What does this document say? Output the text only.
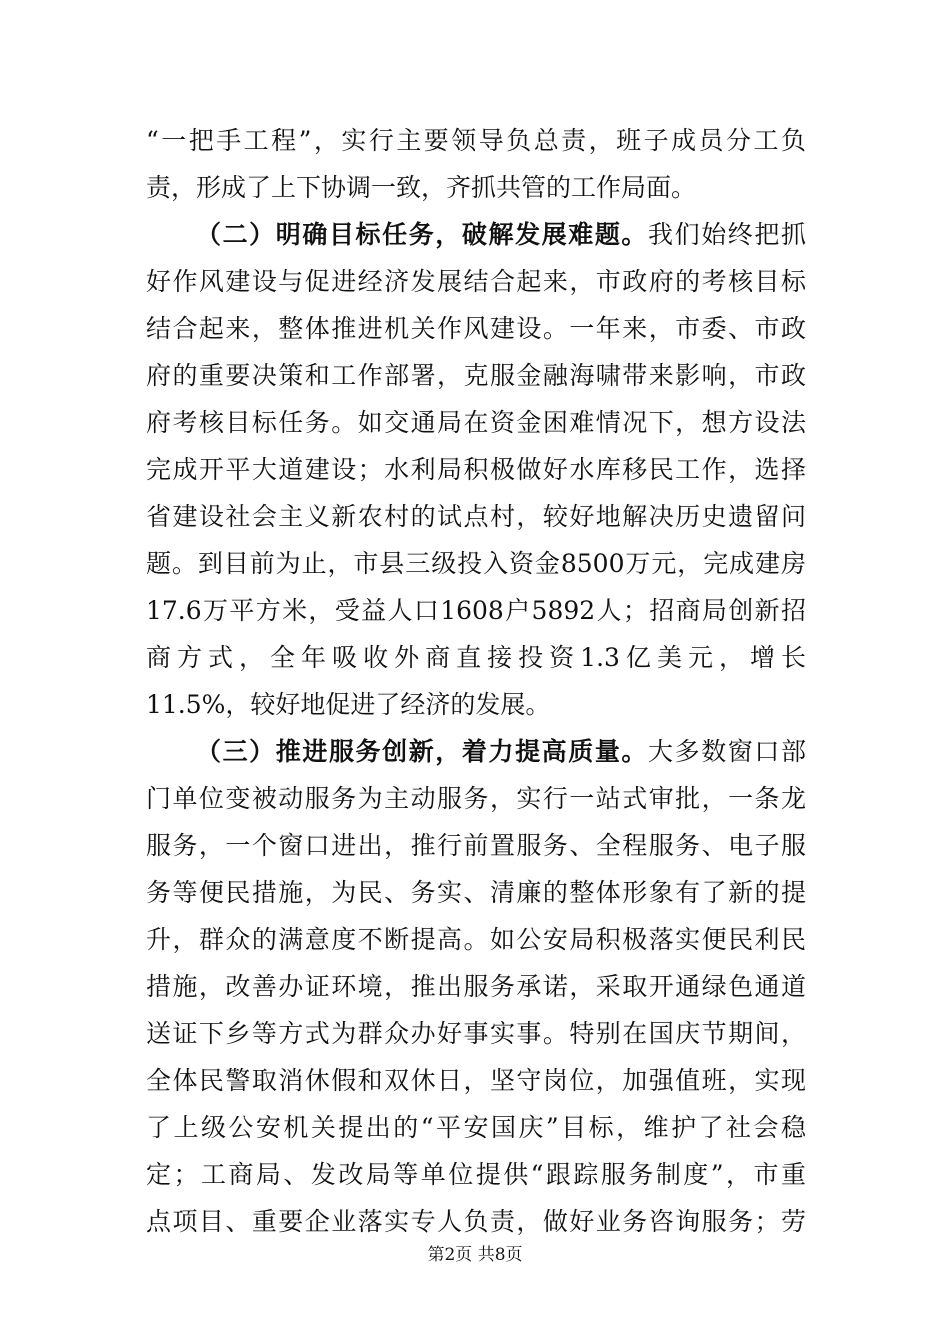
“一把手工程”，实行主要领导负总责，班子成员分工负
责，形成了上下协调一致，齐抓共管的工作局面。
（二）明确目标任务，破解发展难题。我们始终把抓
好作风建设与促进经济发展结合起来，市政府的考核目标
结合起来，整体推进机关作风建设。一年来，市委、市政
府的重要决策和工作部署，克服金融海啸带来影响，市政
府考核目标任务。如交通局在资金困难情况下，想方设法
完成开平大道建设；水利局积极做好水库移民工作，选择
省建设社会主义新农村的试点村，较好地解决历史遗留问
题。到目前为止，市县三级投入资金8500万元，完成建房
17.6万平方米，受益人口1608户5892人；招商局创新招
商方式，全年吸收外商直接投资1.3亿美元，增长
11.5%，较好地促进了经济的发展。
（三）推进服务创新，着力提高质量。大多数窗口部
门单位变被动服务为主动服务，实行一站式审批，一条龙
服务，一个窗口进出，推行前置服务、全程服务、电子服
务等便民措施，为民、务实、清廉的整体形象有了新的提
升，群众的满意度不断提高。如公安局积极落实便民利民
措施，改善办证环境，推出服务承诺，采取开通绿色通道
送证下乡等方式为群众办好事实事。特别在国庆节期间，
全体民警取消休假和双休日，坚守岗位，加强值班，实现
了上级公安机关提出的“平安国庆”目标，维护了社会稳
定；工商局、发改局等单位提供“跟踪服务制度”，市重
点项目、重要企业落实专人负责，做好业务咨询服务；劳
第2页 共8页
